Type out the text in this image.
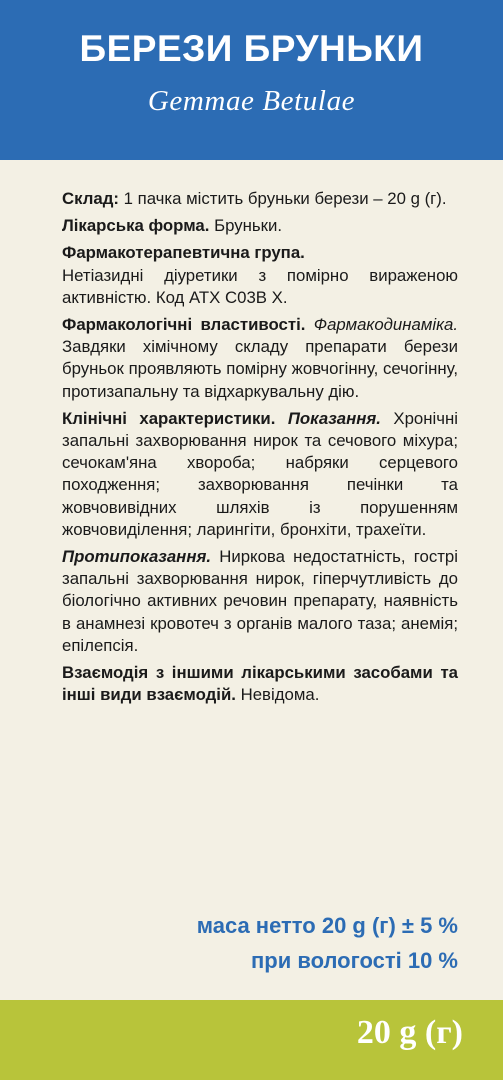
БЕРЕЗИ БРУНЬКИ
Gemmae Betulae

Склад: 1 пачка містить бруньки берези – 20 g (г).

Лікарська форма. Бруньки.

Фармакотерапевтична група.
Нетіазидні діуретики з помірно вираженою активністю. Код АТХ С03В Х.

Фармакологічні властивості. Фармакодинаміка. Завдяки хімічному складу препарати берези бруньок проявляють помірну жовчогінну, сечогінну, протизапальну та відхаркувальну дію.

Клінічні характеристики. Показання. Хронічні запальні захворювання нирок та сечового міхура; сечокам'яна хвороба; набряки серцевого походження; захворювання печінки та жовчовивідних шляхів із порушенням жовчовиділення; ларингіти, бронхіти, трахеїти.

Протипоказання. Ниркова недостатність, гострі запальні захворювання нирок, гіперчутливість до біологічно активних речовин препарату, наявність в анамнезі кровотеч з органів малого таза; анемія; епілепсія.

Взаємодія з іншими лікарськими засобами та інші види взаємодій. Невідома.

маса нетто 20 g (г) ± 5 %
при вологості 10 %
20 g (г)
